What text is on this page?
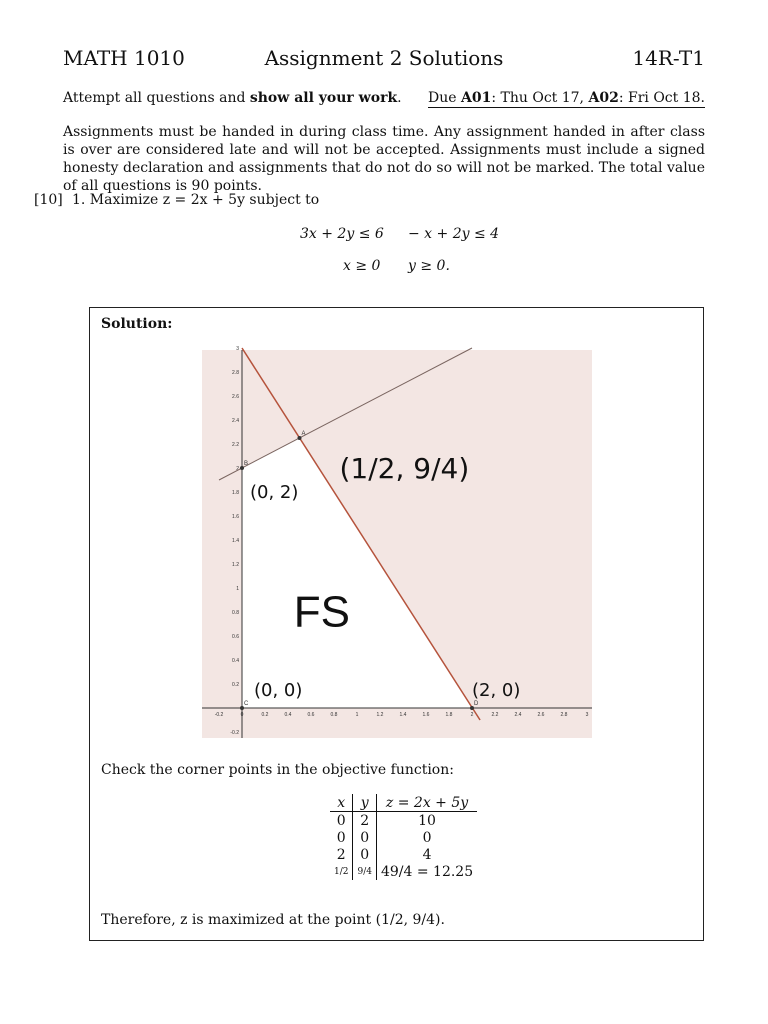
MATH 1010	Assignment 2 Solutions	14R-T1
Attempt all questions and show all your work. Due A01: Thu Oct 17, A02: Fri Oct 18.
Assignments must be handed in during class time. Any assignment handed in after class is over are considered late and will not be accepted. Assignments must include a signed honesty declaration and assignments that do not do so will not be marked. The total value of all questions is 90 points.
[10] 1. Maximize z = 2x + 5y subject to
3x + 2y ≤ 6 − x + 2y ≤ 4
x ≥ 0 y ≥ 0.
Solution:
-0.2	0	0.2	0.4	0.6	0.8	1	1.2	1.4	1.6	1.8	2	2.2	2.4	2.6	2.8	3
-0.2
0.2
0.4
0.6
0.8
1
1.2
1.4
1.6
1.8
2
2.2
2.4
2.6
2.8
3
A
(1/2, 9/4)
B
(0, 2)
C
(0, 0)
D
(2, 0)
FS
Check the corner points in the objective function:
x	y	z = 2x + 5y
0	2	10
0	0	0
2	0	4
1/2	9/4	49/4 = 12.25
Therefore, z is maximized at the point (1/2, 9/4).
